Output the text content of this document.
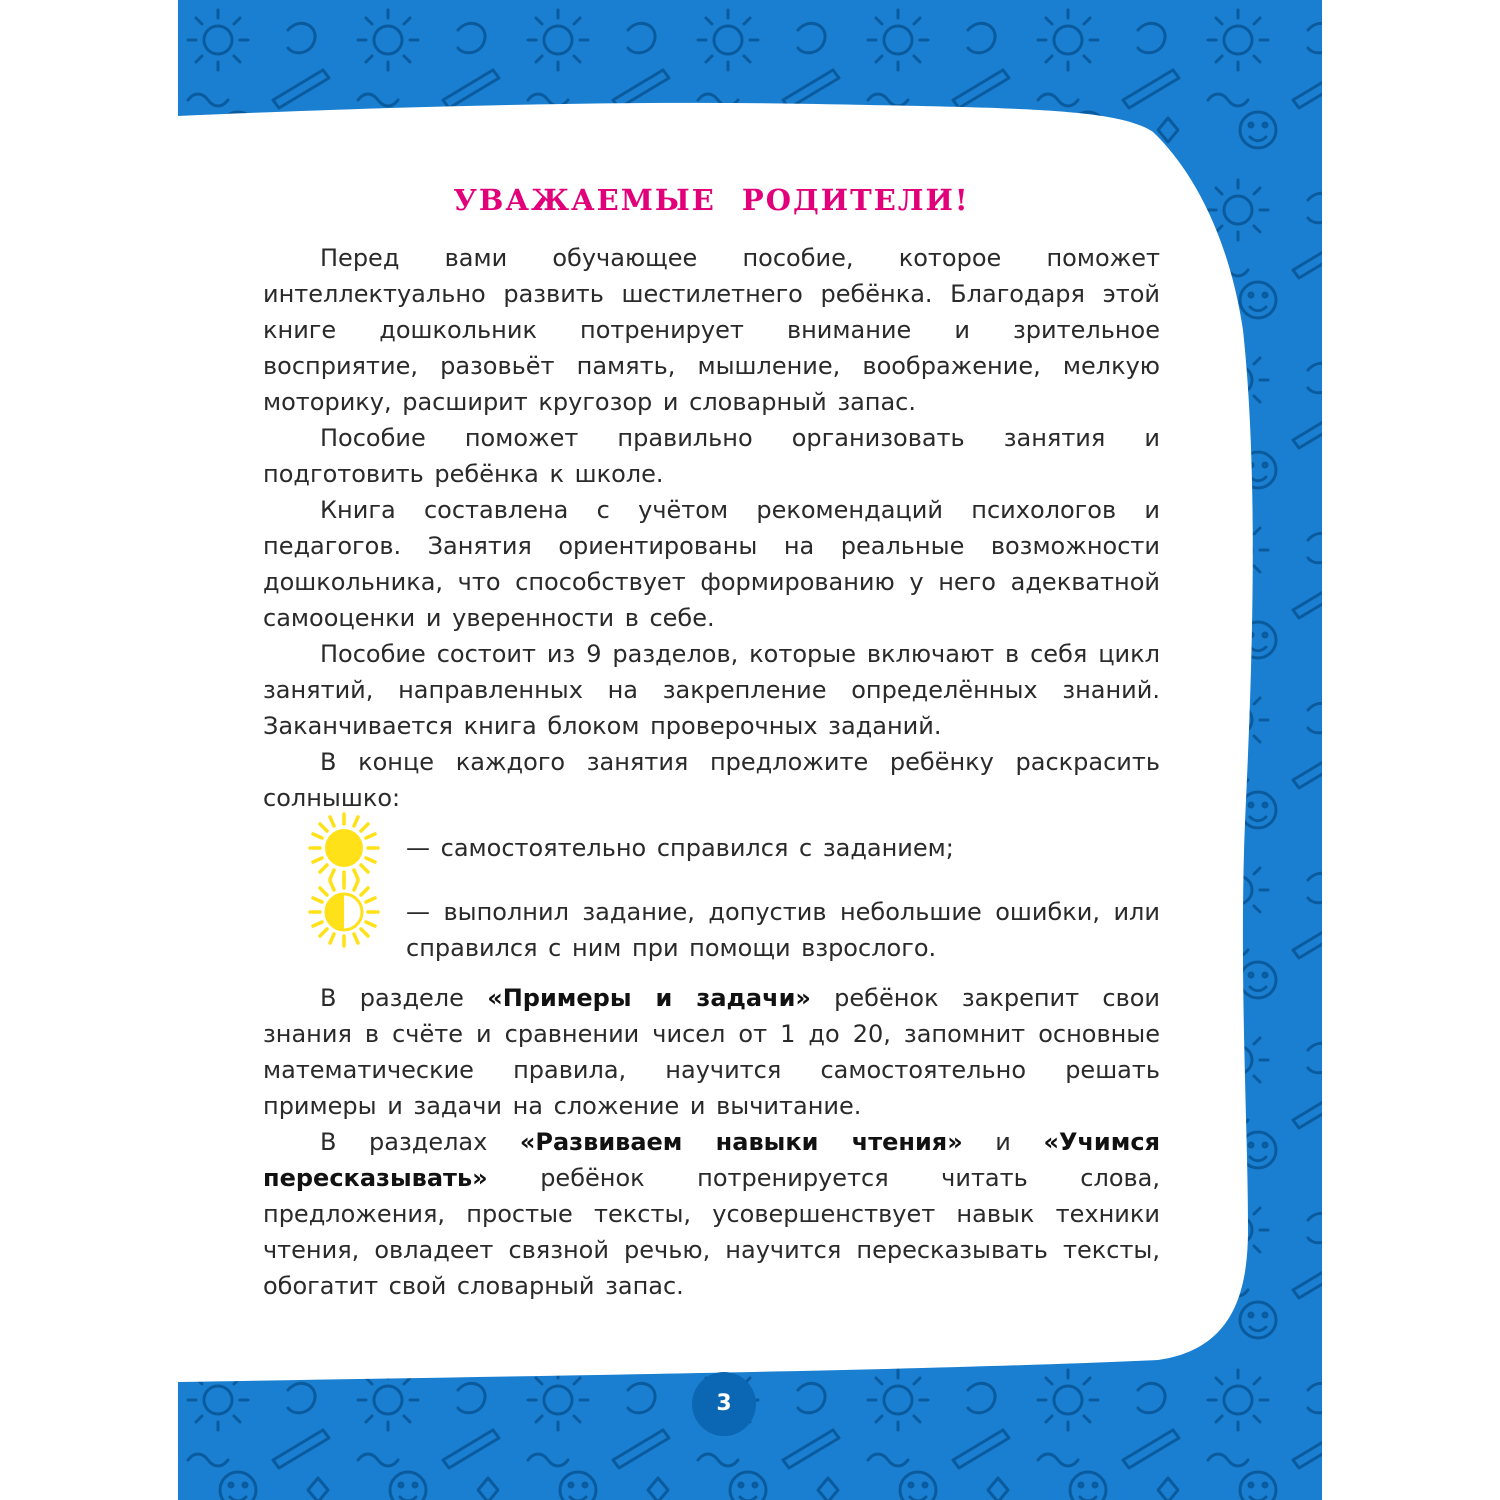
УВАЖАЕМЫЕ РОДИТЕЛИ!

Перед вами обучающее пособие, которое поможет интеллектуально развить шестилетнего ребёнка. Благодаря этой книге дошкольник потренирует внимание и зрительное восприятие, разовьёт память, мышление, воображение, мелкую моторику, расширит кругозор и словарный запас.

Пособие поможет правильно организовать занятия и подготовить ребёнка к школе.

Книга составлена с учётом рекомендаций психологов и педагогов. Занятия ориентированы на реальные возможности дошкольника, что способствует формированию у него адекватной самооценки и уверенности в себе.

Пособие состоит из 9 разделов, которые включают в себя цикл занятий, направленных на закрепление определённых знаний. Заканчивается книга блоком проверочных заданий.

В конце каждого занятия предложите ребёнку раскрасить солнышко:

— самостоятельно справился с заданием;
— выполнил задание, допустив небольшие ошибки, или справился с ним при помощи взрослого.

В разделе «Примеры и задачи» ребёнок закрепит свои знания в счёте и сравнении чисел от 1 до 20, запомнит основные математические правила, научится самостоятельно решать примеры и задачи на сложение и вычитание.

В разделах «Развиваем навыки чтения» и «Учимся пересказывать» ребёнок потренируется читать слова, предложения, простые тексты, усовершенствует навык техники чтения, овладеет связной речью, научится пересказывать тексты, обогатит свой словарный запас.

3
